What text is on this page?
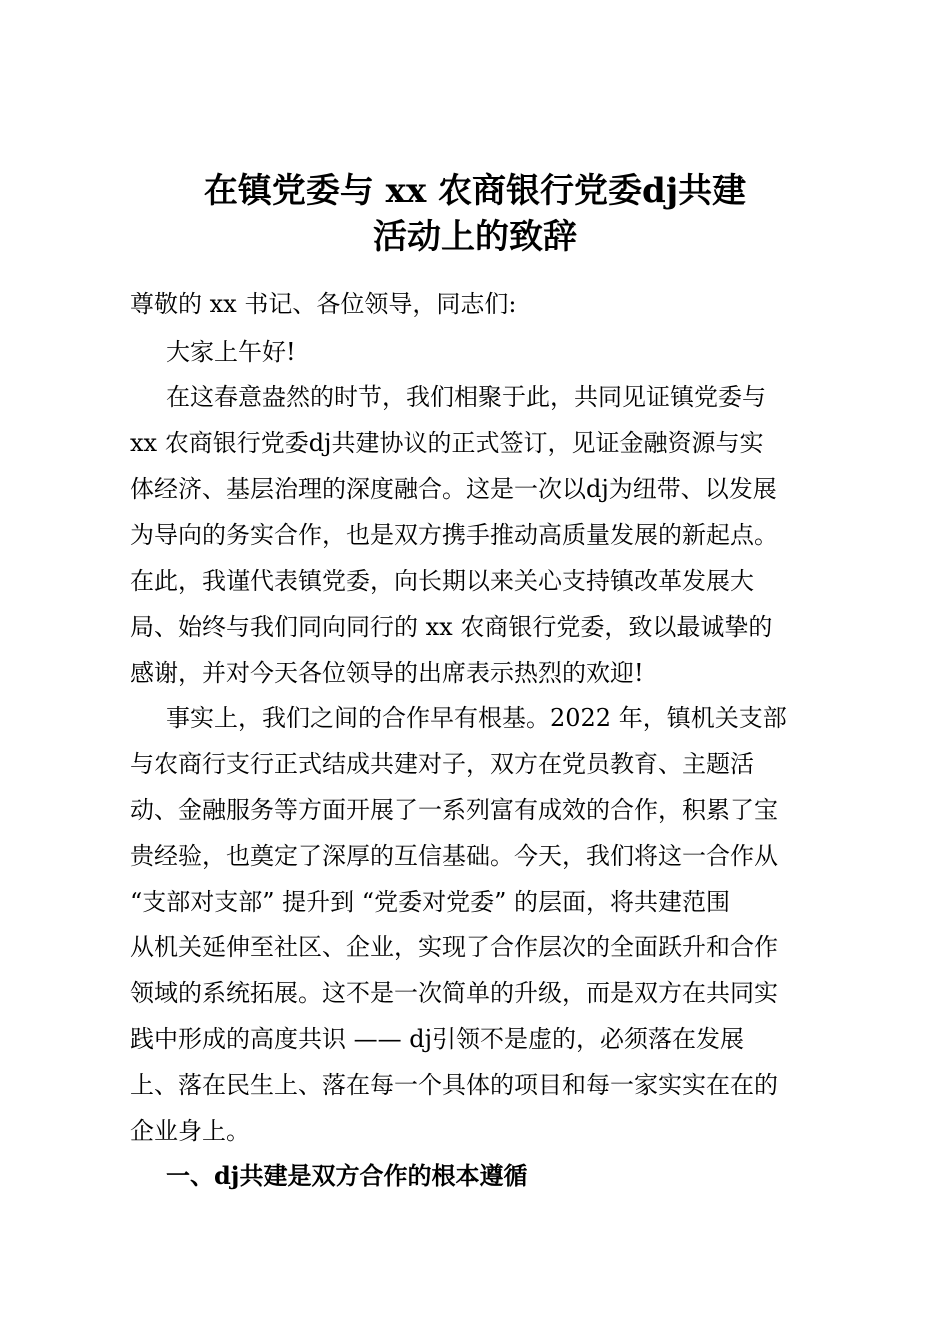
在镇党委与 xx 农商银行党委dj共建
活动上的致辞

尊敬的 xx 书记、各位领导，同志们:

大家上午好!

在这春意盎然的时节，我们相聚于此，共同见证镇党委与

xx 农商银行党委dj共建协议的正式签订，见证金融资源与实

体经济、基层治理的深度融合。这是一次以dj为纽带、以发展

为导向的务实合作，也是双方携手推动高质量发展的新起点。

在此，我谨代表镇党委，向长期以来关心支持镇改革发展大

局、始终与我们同向同行的 xx 农商银行党委，致以最诚挚的

感谢，并对今天各位领导的出席表示热烈的欢迎!

事实上，我们之间的合作早有根基。2022 年，镇机关支部

与农商行支行正式结成共建对子，双方在党员教育、主题活

动、金融服务等方面开展了一系列富有成效的合作，积累了宝

贵经验，也奠定了深厚的互信基础。今天，我们将这一合作从

“支部对支部” 提升到 “党委对党委” 的层面，将共建范围

从机关延伸至社区、企业，实现了合作层次的全面跃升和合作

领域的系统拓展。这不是一次简单的升级，而是双方在共同实

践中形成的高度共识 —— dj引领不是虚的，必须落在发展

上、落在民生上、落在每一个具体的项目和每一家实实在在的

企业身上。

一、dj共建是双方合作的根本遵循
